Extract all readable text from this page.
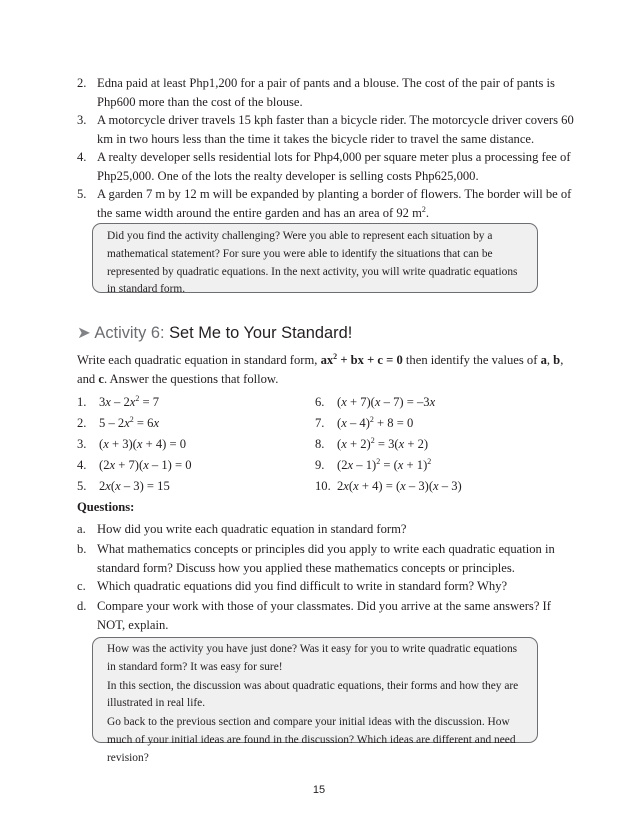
2. Edna paid at least Php1,200 for a pair of pants and a blouse. The cost of the pair of pants is Php600 more than the cost of the blouse.
3. A motorcycle driver travels 15 kph faster than a bicycle rider. The motorcycle driver covers 60 km in two hours less than the time it takes the bicycle rider to travel the same distance.
4. A realty developer sells residential lots for Php4,000 per square meter plus a processing fee of Php25,000. One of the lots the realty developer is selling costs Php625,000.
5. A garden 7 m by 12 m will be expanded by planting a border of flowers. The border will be of the same width around the entire garden and has an area of 92 $m^2$.

Did you find the activity challenging? Were you able to represent each situation by a mathematical statement? For sure you were able to identify the situations that can be represented by quadratic equations. In the next activity, you will write quadratic equations in standard form.

➤ Activity 6: Set Me to Your Standard!
Write each quadratic equation in standard form, $ax^2$ + bx + c = 0 then identify the values of a, b, and c. Answer the questions that follow.
1. $3x - 2x^2 = 7$
2. $5 - 2x^2 = 6x$
3. (x + 3)(x + 4) = 0
4. (2x + 7)(x – 1) = 0
5. 2x(x – 3) = 15
6. (x + 7)(x – 7) = –3x
7. (x – 4)$^2$ + 8 = 0
8. $(x + 2)^2 = 3(x + 2)$
9. $(2x - 1)^2 = (x + 1)^2$
10. 2x(x + 4) = (x – 3)(x – 3)
Questions:
a. How did you write each quadratic equation in standard form?
b. What mathematics concepts or principles did you apply to write each quadratic equation in standard form? Discuss how you applied these mathematics concepts or principles.
c. Which quadratic equations did you find difficult to write in standard form? Why?
d. Compare your work with those of your classmates. Did you arrive at the same answers? If NOT, explain.

How was the activity you have just done? Was it easy for you to write quadratic equations in standard form? It was easy for sure!

In this section, the discussion was about quadratic equations, their forms and how they are illustrated in real life.

Go back to the previous section and compare your initial ideas with the discussion. How much of your initial ideas are found in the discussion? Which ideas are different and need revision?

15
